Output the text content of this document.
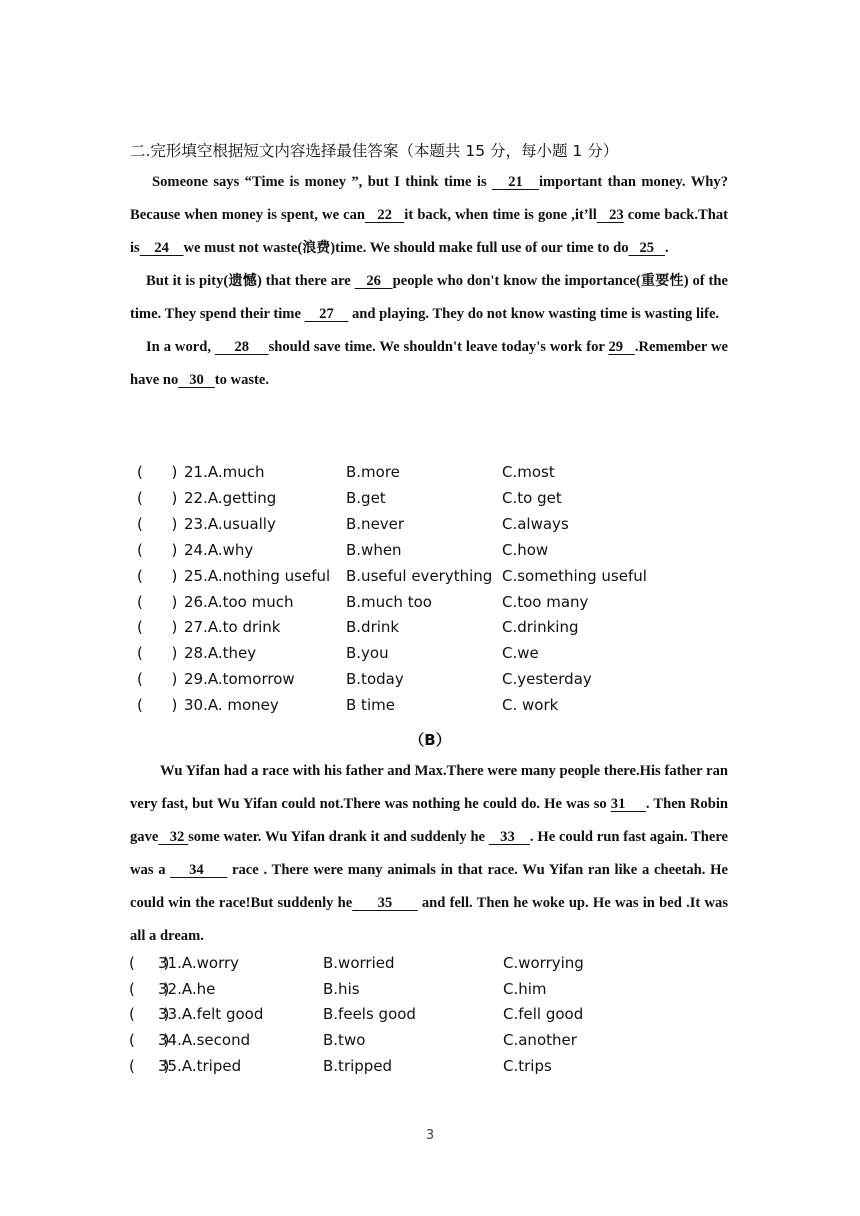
二.完形填空根据短文内容选择最佳答案（本题共 15 分，每小题 1 分）

Someone says “Time is money ”, but I think time is    21   important than money. Why? Because when money is spent, we can   22   it back, when time is gone ,it’ll   23 come back.That is    24    we must not waste(浪费)time. We should make full use of our time to do   25   .

But it is pity(遗憾) that there are    26   people who don't know the importance(重要性) of the time. They spend their time     27     and playing. They do not know wasting time is wasting life.

In a word,      28     should save time. We shouldn't leave today's work for 29   .Remember we have no   30   to waste.

(      ) 21.A.much	B.more	C.most
(      ) 22.A.getting	B.get	C.to get
(      ) 23.A.usually	B.never	C.always
(      ) 24.A.why	B.when	C.how
(      ) 25.A.nothing useful B.useful everything C.something useful
(      ) 26.A.too much	B.much too	C.too many
(      ) 27.A.to drink	B.drink	C.drinking
(      ) 28.A.they	B.you	C.we
(      ) 29.A.tomorrow	B.today	C.yesterday
(      ) 30.A. money	B time	C. work
（B）

Wu Yifan had a race with his father and Max.There were many people there.His father ran very fast, but Wu Yifan could not.There was nothing he could do. He was so 31     . Then Robin gave   32 some water. Wu Yifan drank it and suddenly he    33    . He could run fast again. There was a     34      race . There were many animals in that race. Wu Yifan ran like a cheetah. He could win the race!But suddenly he      35       and fell. Then he woke up. He was in bed .It was all a dream.

(      )
31.A.worry	B.worried	C.worrying
(      )
32.A.he	B.his	C.him
(      )
33.A.felt good	B.feels good	C.fell good
(      )
34.A.second	B.two	C.another
(      )
35.A.triped	B.tripped	C.trips
3
